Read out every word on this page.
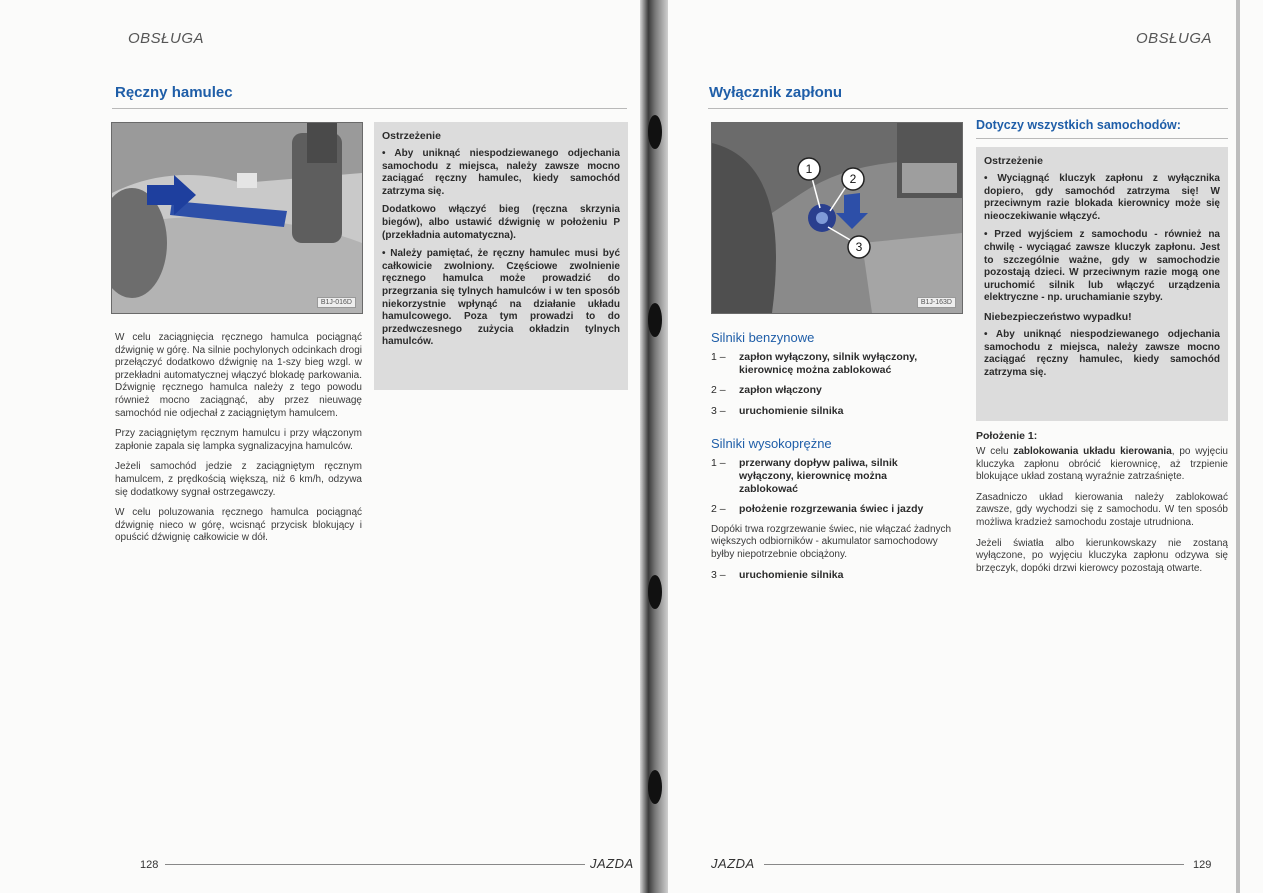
OBSŁUGA
Ręczny hamulec
B1J-016D
Ostrzeżenie

• Aby uniknąć niespodziewanego odjechania samochodu z miejsca, należy zawsze mocno zaciągać ręczny hamulec, kiedy samochód zatrzyma się.

Dodatkowo włączyć bieg (ręczna skrzynia biegów), albo ustawić dźwignię w położeniu P (przekładnia automatyczna).

• Należy pamiętać, że ręczny hamulec musi być całkowicie zwolniony. Częściowe zwolnienie ręcznego hamulca może prowadzić do przegrzania się tylnych hamulców i w ten sposób niekorzystnie wpłynąć na działanie układu hamulcowego. Poza tym prowadzi to do przedwczesnego zużycia okładzin tylnych hamulców.

W celu zaciągnięcia ręcznego hamulca pociągnąć dźwignię w górę. Na silnie pochylonych odcinkach drogi przełączyć dodatkowo dźwignię na 1-szy bieg wzgl. w przekładni automatycznej włączyć blokadę parkowania. Dźwignię ręcznego hamulca należy z tego powodu również mocno zaciągnąć, aby przez nieuwagę samochód nie odjechał z zaciągniętym hamulcem.

Przy zaciągniętym ręcznym hamulcu i przy włączonym zapłonie zapala się lampka sygnalizacyjna hamulców.

Jeżeli samochód jedzie z zaciągniętym ręcznym hamulcem, z prędkością większą, niż 6 km/h, odzywa się dodatkowy sygnał ostrzegawczy.

W celu poluzowania ręcznego hamulca pociągnąć dźwignię nieco w górę, wcisnąć przycisk blokujący i opuścić dźwignię całkowicie w dół.

128	JAZDA
OBSŁUGA
Wyłącznik zapłonu
1
2
3
B1J-163D
Silniki benzynowe
1 –	zapłon wyłączony, silnik wyłączony, kierownicę można zablokować
2 –	zapłon włączony
3 –	uruchomienie silnika
Silniki wysokoprężne
1 –	przerwany dopływ paliwa, silnik wyłączony, kierownicę można zablokować
2 –	położenie rozgrzewania świec i jazdy

Dopóki trwa rozgrzewanie świec, nie włączać żadnych większych odbiorników - akumulator samochodowy byłby niepotrzebnie obciążony.

3 –	uruchomienie silnika
Dotyczy wszystkich samochodów:
Ostrzeżenie

• Wyciągnąć kluczyk zapłonu z wyłącznika dopiero, gdy samochód zatrzyma się! W przeciwnym razie blokada kierownicy może się nieoczekiwanie włączyć.

• Przed wyjściem z samochodu - również na chwilę - wyciągać zawsze kluczyk zapłonu. Jest to szczególnie ważne, gdy w samochodzie pozostają dzieci. W przeciwnym razie mogą one uruchomić silnik lub włączyć urządzenia elektryczne - np. uruchamianie szyby.

Niebezpieczeństwo wypadku!

• Aby uniknąć niespodziewanego odjechania samochodu z miejsca, należy zawsze mocno zaciągać ręczny hamulec, kiedy samochód zatrzyma się.

Położenie 1:

W celu zablokowania układu kierowania, po wyjęciu kluczyka zapłonu obrócić kierownicę, aż trzpienie blokujące układ zostaną wyraźnie zatrzaśnięte.

Zasadniczo układ kierowania należy zablokować zawsze, gdy wychodzi się z samochodu. W ten sposób możliwa kradzież samochodu zostaje utrudniona.

Jeżeli światła albo kierunkowskazy nie zostaną wyłączone, po wyjęciu kluczyka zapłonu odzywa się brzęczyk, dopóki drzwi kierowcy pozostają otwarte.

JAZDA	129
